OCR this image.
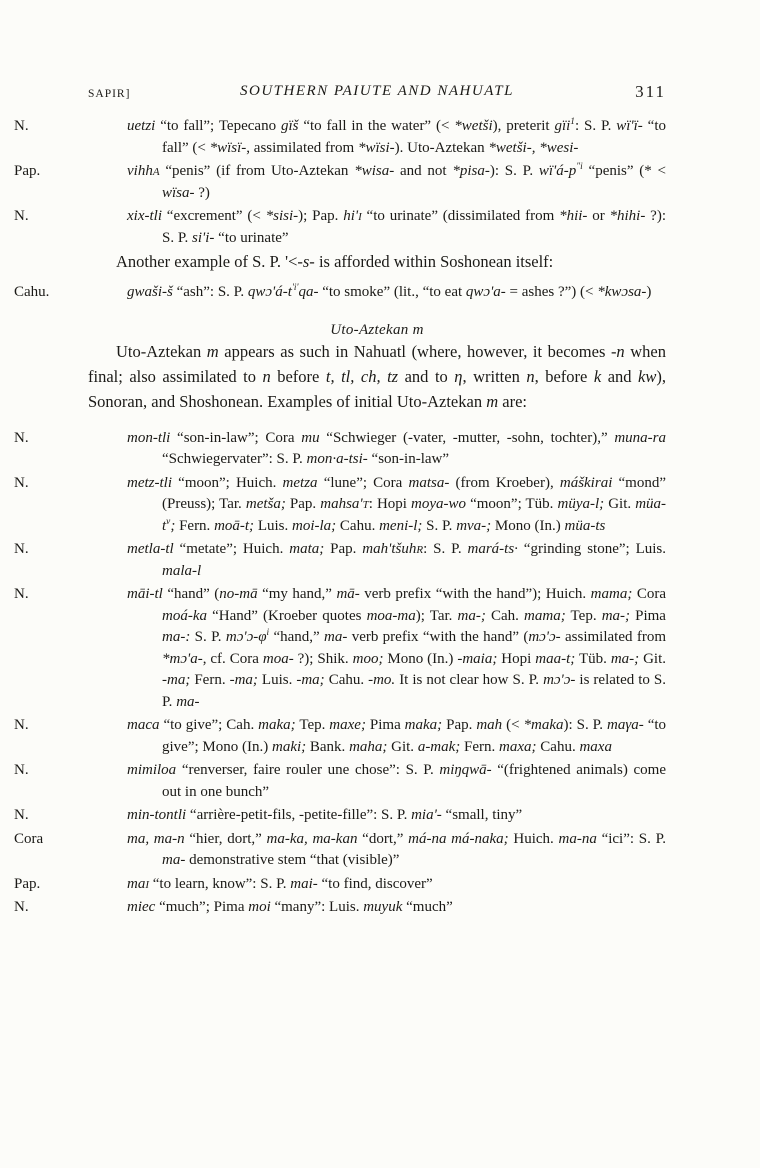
SAPIR]	SOUTHERN PAIUTE AND NAHUATL	311

N.	uetzi “to fall”; Tepecano gïš “to fall in the water” (< *wetši), preterit gïi$^1$: S. P. wï'ï- “to fall” (< *wïsï-, assimilated from *wïsi-). Uto-Aztekan *wetši-, *wesi-

Pap.	vihha “penis” (if from Uto-Aztekan *wisa- and not *pisa-): S. P. $wï'á-p^{"i}$ “penis” (* < wïsa- ?)

N.	xix-tli “excrement” (< *sisi-); Pap. hi'i “to urinate” (dissimilated from *hii- or *hihi- ?): S. P. si'i- “to urinate”

Another example of S. P. '<-s- is afforded within Soshonean itself:

Cahu.	gwaši-š “ash”: S. P. $qwɔ'á-t^{'i'}qa-$ “to smoke” (lit., “to eat qwɔ'a- = ashes ?”) (< *kwɔsa-)

Uto-Aztekan m

Uto-Aztekan m appears as such in Nahuatl (where, however, it becomes -n when final; also assimilated to n before t, tl, ch, tz and to η, written n, before k and kw), Sonoran, and Shoshonean. Examples of initial Uto-Aztekan m are:

N.	mon-tli “son-in-law”; Cora mu “Schwieger (-vater, -mutter, -sohn, tochter),” muna-ra “Schwiegervater”: S. P. mon·a-tsi- “son-in-law”

N.	metz-tli “moon”; Huich. metza “lune”; Cora matsa- (from Kroeber), máškirai “mond” (Preuss); Tar. metša; Pap. mahsa't: Hopi moya-wo “moon”; Tüb. müya-l; Git. müa-$t^v$; Fern. moā-t; Luis. moi-la; Cahu. meni-l; S. P. mva-; Mono (In.) müa-ts

N.	metla-tl “metate”; Huich. mata; Pap. mah'tšuhr: S. P. mará-ts· “grinding stone”; Luis. mala-l

N.	māi-tl “hand” (no-mā “my hand,” mā- verb prefix “with the hand”); Huich. mama; Cora moá-ka “Hand” (Kroeber quotes moa-ma); Tar. ma-; Cah. mama; Tep. ma-; Pima ma-: S. P. $mɔ'ɔ-\varphi^i$ “hand,” ma- verb prefix “with the hand” (mɔ'ɔ- assimilated from *mɔ'a-, cf. Cora moa- ?); Shik. moo; Mono (In.) -maia; Hopi maa-t; Tüb. ma-; Git. -ma; Fern. -ma; Luis. -ma; Cahu. -mo. It is not clear how S. P. mɔ'ɔ- is related to S. P. ma-

N.	maca “to give”; Cah. maka; Tep. maxe; Pima maka; Pap. mah (< *maka): S. P. maγa- “to give”; Mono (In.) maki; Bank. maha; Git. a-mak; Fern. maxa; Cahu. maxa

N.	mimiloa “renverser, faire rouler une chose”: S. P. miŋqwā- “(frightened animals) come out in one bunch”

N.	min-tontli “arrière-petit-fils, -petite-fille”: S. P. mia'- “small, tiny”

Cora	ma, ma-n “hier, dort,” ma-ka, ma-kan “dort,” má-na má-naka; Huich. ma-na “ici”: S. P. ma- demonstrative stem “that (visible)”

Pap.	mai “to learn, know”: S. P. mai- “to find, discover”

N.	miec “much”; Pima moi “many”: Luis. muyuk “much”
